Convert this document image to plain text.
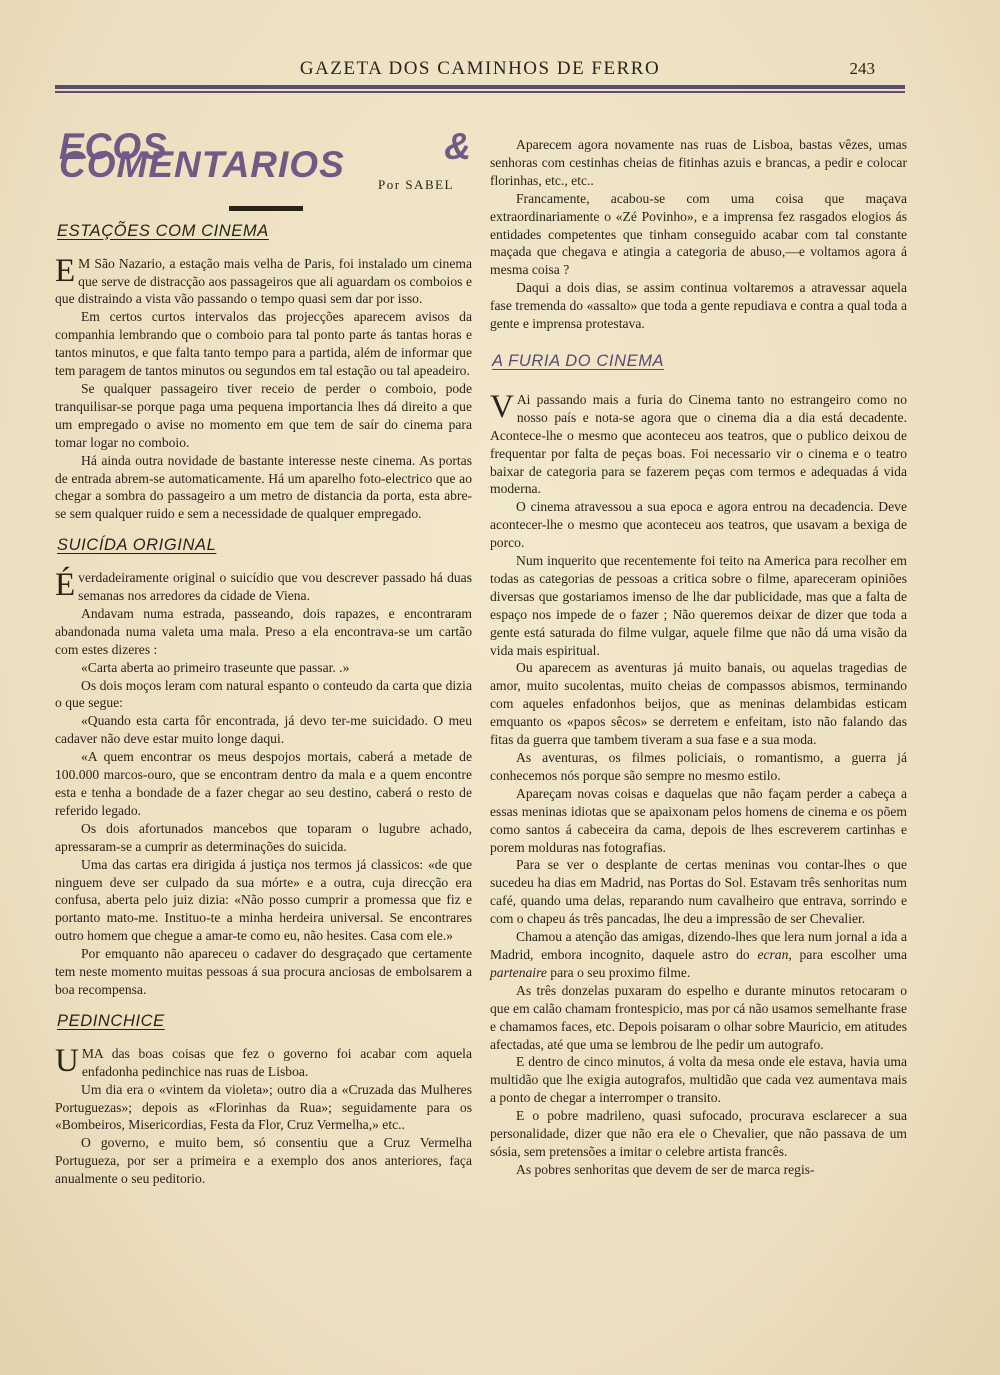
GAZETA DOS CAMINHOS DE FERRO	243
ECOS & COMENTARIOS	Por SABEL
ESTAÇÕES COM CINEMA

E M São Nazario, a estação mais velha de Paris, foi instalado um cinema que serve de distracção aos passageiros que ali aguardam os comboios e que distraindo a vista vão passando o tempo quasi sem dar por isso.

Em certos curtos intervalos das projecções aparecem avisos da companhia lembrando que o comboio para tal ponto parte ás tantas horas e tantos minutos, e que falta tanto tempo para a partida, além de informar que tem paragem de tantos minutos ou segundos em tal estação ou tal apeadeiro.

Se qualquer passageiro tiver receio de perder o comboio, pode tranquilisar-se porque paga uma pequena importancia lhes dá direito a que um empregado o avise no momento em que tem de saír do cinema para tomar logar no comboio.

Há ainda outra novidade de bastante interesse neste cinema. As portas de entrada abrem-se automaticamente. Há um aparelho foto-electrico que ao chegar a sombra do passageiro a um metro de distancia da porta, esta abre-se sem qualquer ruido e sem a necessidade de qualquer empregado.

SUICÍDA ORIGINAL

Éverdadeiramente original o suicídio que vou descrever passado há duas semanas nos arredores da cidade de Viena.

Andavam numa estrada, passeando, dois rapazes, e encontraram abandonada numa valeta uma mala. Preso a ela encontrava-se um cartão com estes dizeres :

«Carta aberta ao primeiro traseunte que passar. .»

Os dois moços leram com natural espanto o conteudo da carta que dizia o que segue:

«Quando esta carta fôr encontrada, já devo ter-me suicidado. O meu cadaver não deve estar muito longe daqui.

«A quem encontrar os meus despojos mortais, caberá a metade de 100.000 marcos-ouro, que se encontram dentro da mala e a quem encontre esta e tenha a bondade de a fazer chegar ao seu destino, caberá o resto de referido legado.

Os dois afortunados mancebos que toparam o lugubre achado, apressaram-se a cumprir as determinações do suicida.

Uma das cartas era dirigida á justiça nos termos já classicos: «de que ninguem deve ser culpado da sua mórte» e a outra, cuja direcção era confusa, aberta pelo juiz dizia: «Não posso cumprir a promessa que fiz e portanto mato-me. Instituo-te a minha herdeira universal. Se encontrares outro homem que chegue a amar-te como eu, não hesites. Casa com ele.»

Por emquanto não apareceu o cadaver do desgraçado que certamente tem neste momento muitas pessoas á sua procura anciosas de embolsarem a boa recompensa.

PEDINCHICE

UMA das boas coisas que fez o governo foi acabar com aquela enfadonha pedinchice nas ruas de Lisboa.

Um dia era o «vintem da violeta»; outro dia a «Cruzada das Mulheres Portuguezas»; depois as «Florinhas da Rua»; seguidamente para os «Bombeiros, Misericordias, Festa da Flor, Cruz Vermelha,» etc..

O governo, e muito bem, só consentiu que a Cruz Vermelha Portugueza, por ser a primeira e a exemplo dos anos anteriores, faça anualmente o seu peditorio.

Aparecem agora novamente nas ruas de Lisboa, bastas vêzes, umas senhoras com cestinhas cheias de fitinhas azuis e brancas, a pedir e colocar florinhas, etc., etc..

Francamente, acabou-se com uma coisa que maçava extraordinariamente o «Zé Povinho», e a imprensa fez rasgados elogios ás entidades competentes que tinham conseguido acabar com tal constante maçada que chegava e atingia a categoria de abuso,—e voltamos agora á mesma coisa ?

Daqui a dois dias, se assim continua voltaremos a atravessar aquela fase tremenda do «assalto» que toda a gente repudiava e contra a qual toda a gente e imprensa protestava.

A FURIA DO CINEMA

V Ai passando mais a furia do Cinema tanto no estrangeiro como no nosso país e nota-se agora que o cinema dia a dia está decadente. Acontece-lhe o mesmo que aconteceu aos teatros, que o publico deixou de frequentar por falta de peças boas. Foi necessario vir o cinema e o teatro baixar de categoria para se fazerem peças com termos e adequadas á vida moderna.

O cinema atravessou a sua epoca e agora entrou na decadencia. Deve acontecer-lhe o mesmo que aconteceu aos teatros, que usavam a bexiga de porco.

Num inquerito que recentemente foi teito na America para recolher em todas as categorias de pessoas a critica sobre o filme, apareceram opiniões diversas que gostariamos imenso de lhe dar publicidade, mas que a falta de espaço nos impede de o fazer ; Não queremos deixar de dizer que toda a gente está saturada do filme vulgar, aquele filme que não dá uma visão da vida mais espiritual.

Ou aparecem as aventuras já muito banais, ou aquelas tragedias de amor, muito sucolentas, muito cheias de compassos abismos, terminando com aqueles enfadonhos beijos, que as meninas delambidas esticam emquanto os «papos sêcos» se derretem e enfeitam, isto não falando das fitas da guerra que tambem tiveram a sua fase e a sua moda.

As aventuras, os filmes policiais, o romantismo, a guerra já conhecemos nós porque são sempre no mesmo estilo.

Apareçam novas coisas e daquelas que não façam perder a cabeça a essas meninas idiotas que se apaixonam pelos homens de cinema e os põem como santos á cabeceira da cama, depois de lhes escreverem cartinhas e porem molduras nas fotografias.

Para se ver o desplante de certas meninas vou contar-lhes o que sucedeu ha dias em Madrid, nas Portas do Sol. Estavam três senhoritas num café, quando uma delas, reparando num cavalheiro que entrava, sorrindo e com o chapeu ás três pancadas, lhe deu a impressão de ser Chevalier.

Chamou a atenção das amigas, dizendo-lhes que lera num jornal a ida a Madrid, embora incognito, daquele astro do ecran, para escolher uma partenaire para o seu proximo filme.

As três donzelas puxaram do espelho e durante minutos retocaram o que em calão chamam frontespicio, mas por cá não usamos semelhante frase e chamamos faces, etc. Depois poisaram o olhar sobre Mauricio, em atitudes afectadas, até que uma se lembrou de lhe pedir um autografo.

E dentro de cinco minutos, á volta da mesa onde ele estava, havia uma multidão que lhe exigia autografos, multidão que cada vez aumentava mais a ponto de chegar a interromper o transito.

E o pobre madrileno, quasi sufocado, procurava esclarecer a sua personalidade, dizer que não era ele o Chevalier, que não passava de um sósia, sem pretensões a imitar o celebre artista francês.

As pobres senhoritas que devem de ser de marca regis-
